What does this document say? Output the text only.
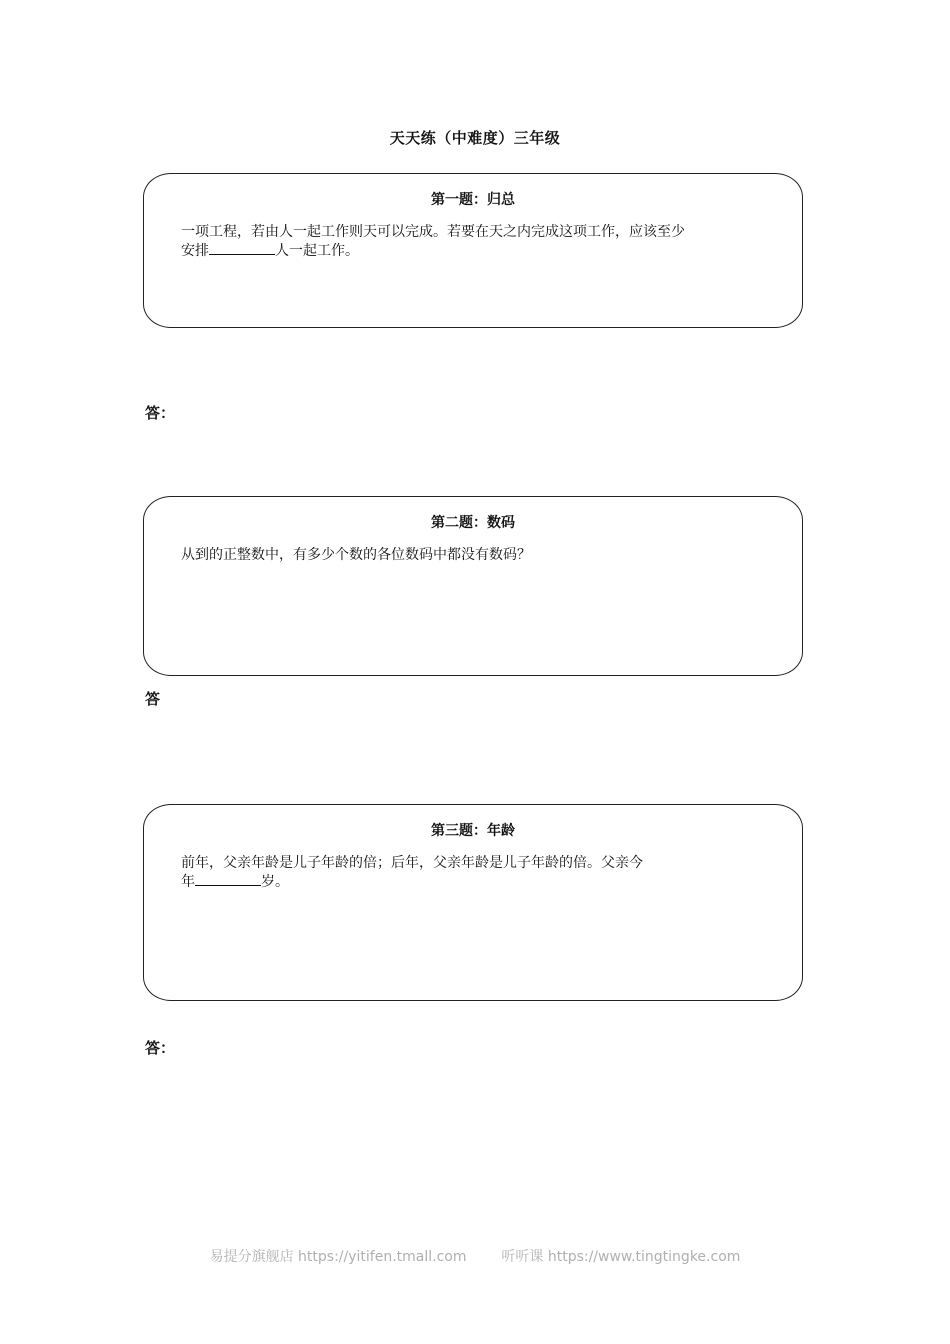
天天练（中难度）三年级
第一题：归总
一项工程，若由人一起工作则天可以完成。若要在天之内完成这项工作，应该至少
安排	人一起工作。
答：
第二题：数码
从到的正整数中，有多少个数的各位数码中都没有数码？
答
第三题：年龄
前年，父亲年龄是儿子年龄的倍；后年，父亲年龄是儿子年龄的倍。父亲今
年	岁。
答：
易提分旗舰店 https://yitifen.tmall.com 听听课 https://www.tingtingke.com
